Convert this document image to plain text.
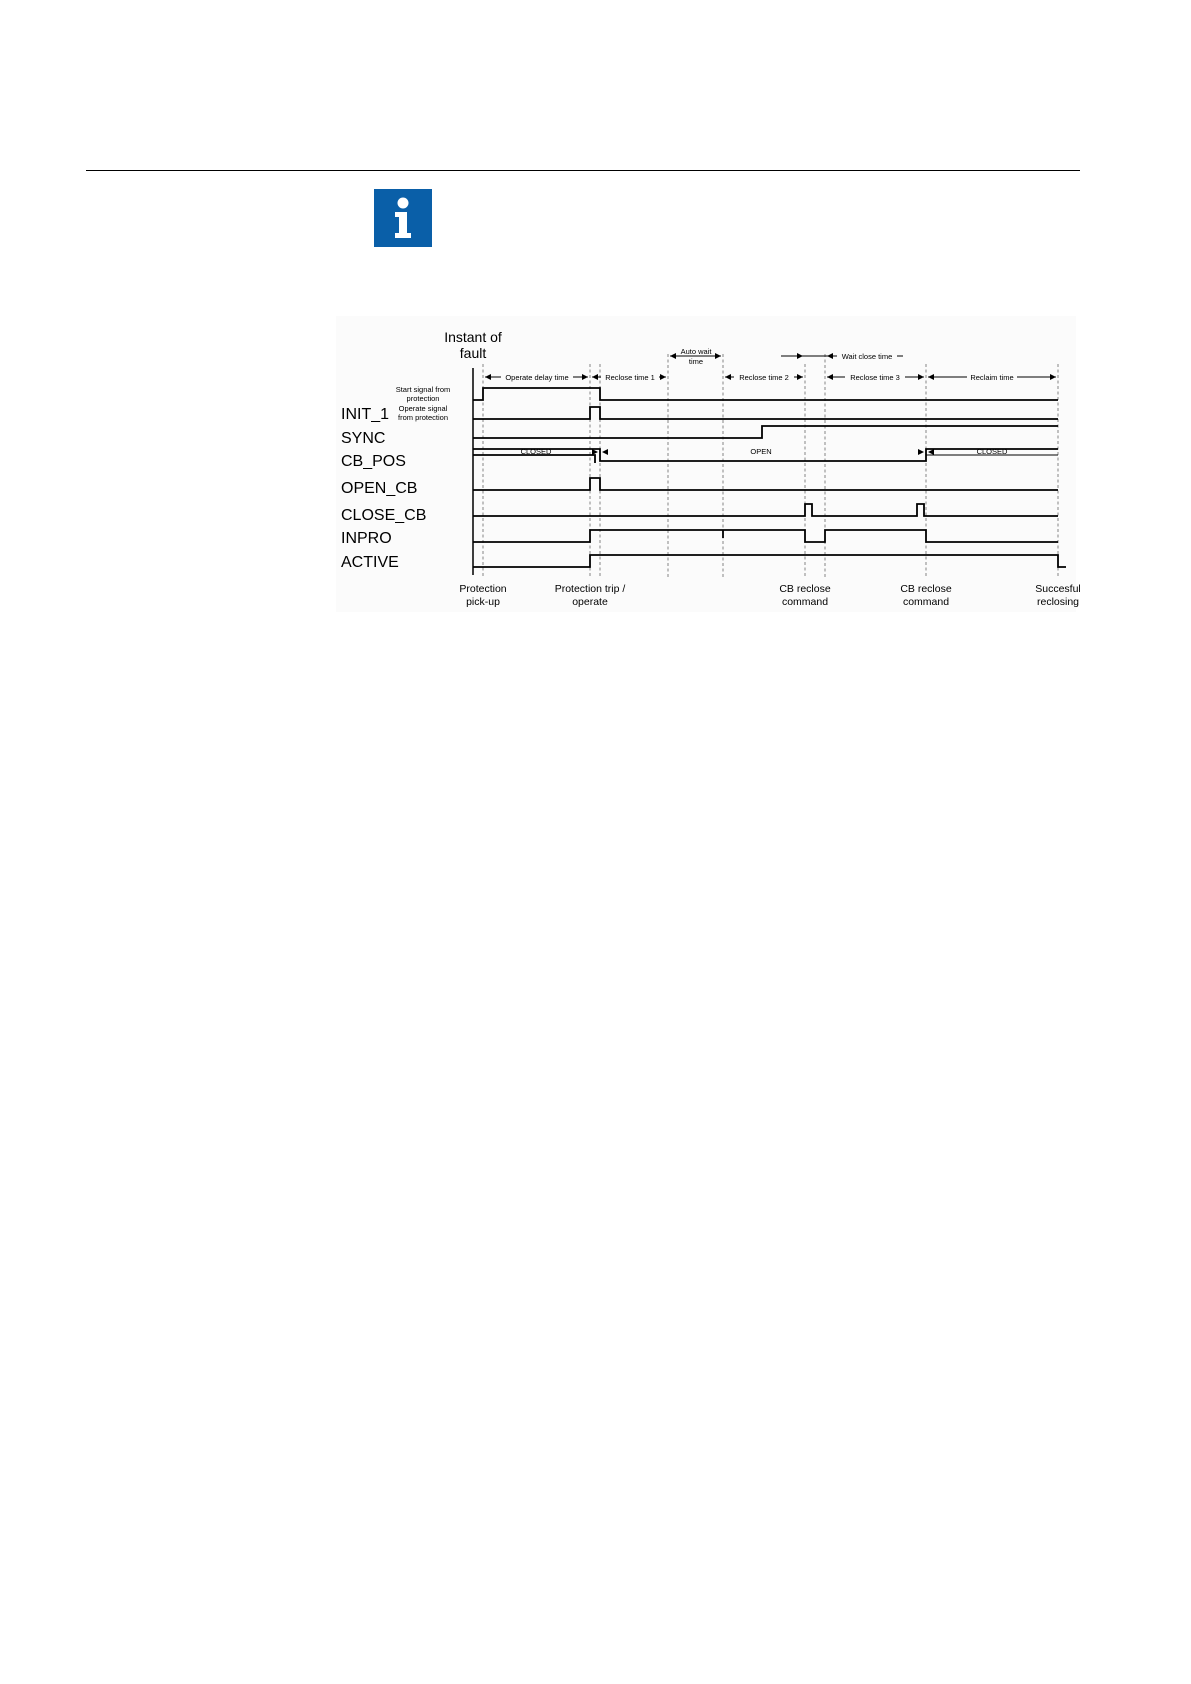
Instant of
fault
Start signal from
protection
Operate signal
from protection
INIT_1
SYNC
CB_POS
OPEN_CB
CLOSE_CB
INPRO
ACTIVE
CLOSED	OPEN	CLOSED
Operate delay time	Reclose time 1
Auto wait
time
Reclose time 2
Wait close time
Reclose time 3	Reclaim time
Protection
pick-up
Protection trip /
operate
CB reclose
command
CB reclose
command
Succesful
reclosing
